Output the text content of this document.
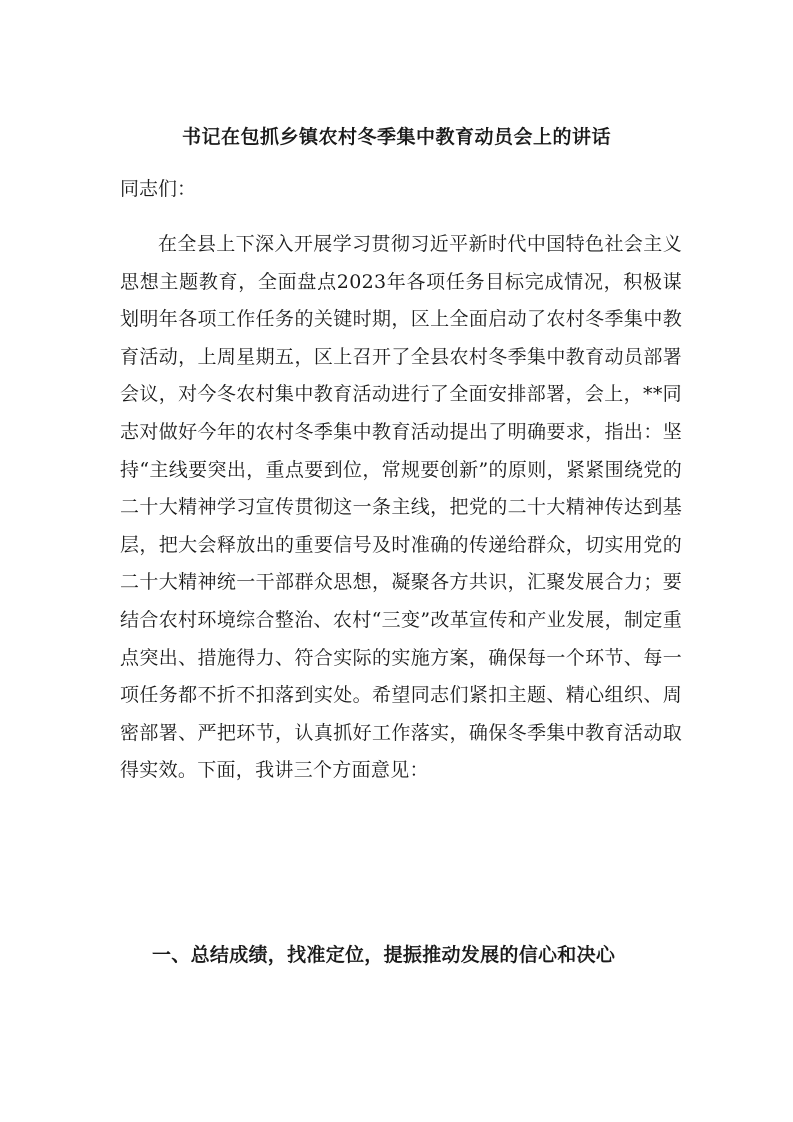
书记在包抓乡镇农村冬季集中教育动员会上的讲话
同志们：

在全县上下深入开展学习贯彻习近平新时代中国特色社会主义思想主题教育，全面盘点2023年各项任务目标完成情况，积极谋划明年各项工作任务的关键时期，区上全面启动了农村冬季集中教育活动，上周星期五，区上召开了全县农村冬季集中教育动员部署会议，对今冬农村集中教育活动进行了全面安排部署，会上，**同志对做好今年的农村冬季集中教育活动提出了明确要求，指出：坚持“主线要突出，重点要到位，常规要创新”的原则，紧紧围绕党的二十大精神学习宣传贯彻这一条主线，把党的二十大精神传达到基层，把大会释放出的重要信号及时准确的传递给群众，切实用党的二十大精神统一干部群众思想，凝聚各方共识，汇聚发展合力；要结合农村环境综合整治、农村“三变”改革宣传和产业发展，制定重点突出、措施得力、符合实际的实施方案，确保每一个环节、每一项任务都不折不扣落到实处。希望同志们紧扣主题、精心组织、周密部署、严把环节，认真抓好工作落实，确保冬季集中教育活动取得实效。下面，我讲三个方面意见：

一、总结成绩，找准定位，提振推动发展的信心和决心
